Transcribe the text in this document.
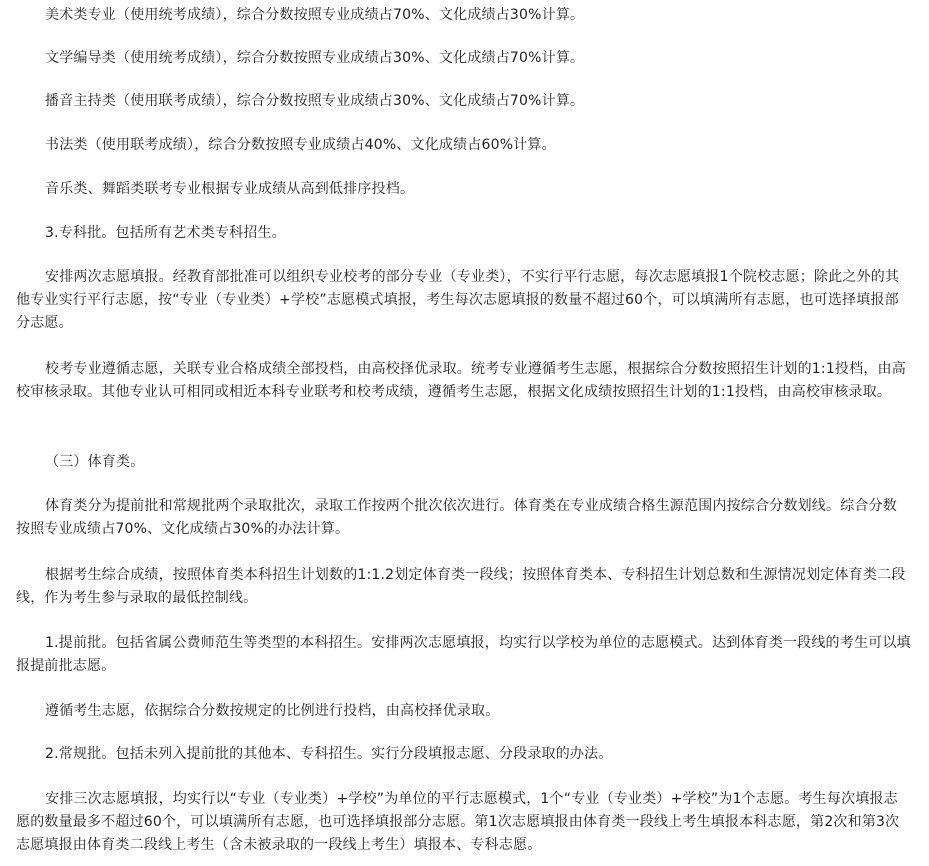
美术类专业（使用统考成绩），综合分数按照专业成绩占70%、文化成绩占30%计算。

文学编导类（使用统考成绩），综合分数按照专业成绩占30%、文化成绩占70%计算。

播音主持类（使用联考成绩），综合分数按照专业成绩占30%、文化成绩占70%计算。

书法类（使用联考成绩），综合分数按照专业成绩占40%、文化成绩占60%计算。

音乐类、舞蹈类联考专业根据专业成绩从高到低排序投档。

3.专科批。包括所有艺术类专科招生。

安排两次志愿填报。经教育部批准可以组织专业校考的部分专业（专业类），不实行平行志愿，每次志愿填报1个院校志愿；除此之外的其他专业实行平行志愿，按“专业（专业类）+学校”志愿模式填报，考生每次志愿填报的数量不超过60个，可以填满所有志愿，也可选择填报部分志愿。

校考专业遵循志愿，关联专业合格成绩全部投档，由高校择优录取。统考专业遵循考生志愿，根据综合分数按照招生计划的1:1投档，由高校审核录取。其他专业认可相同或相近本科专业联考和校考成绩，遵循考生志愿，根据文化成绩按照招生计划的1:1投档，由高校审核录取。

（三）体育类。

体育类分为提前批和常规批两个录取批次，录取工作按两个批次依次进行。体育类在专业成绩合格生源范围内按综合分数划线。综合分数按照专业成绩占70%、文化成绩占30%的办法计算。

根据考生综合成绩，按照体育类本科招生计划数的1:1.2划定体育类一段线；按照体育类本、专科招生计划总数和生源情况划定体育类二段线，作为考生参与录取的最低控制线。

1.提前批。包括省属公费师范生等类型的本科招生。安排两次志愿填报，均实行以学校为单位的志愿模式。达到体育类一段线的考生可以填报提前批志愿。

遵循考生志愿，依据综合分数按规定的比例进行投档，由高校择优录取。

2.常规批。包括未列入提前批的其他本、专科招生。实行分段填报志愿、分段录取的办法。

安排三次志愿填报，均实行以“专业（专业类）+学校”为单位的平行志愿模式，1个“专业（专业类）+学校”为1个志愿。考生每次填报志愿的数量最多不超过60个，可以填满所有志愿，也可选择填报部分志愿。第1次志愿填报由体育类一段线上考生填报本科志愿，第2次和第3次志愿填报由体育类二段线上考生（含未被录取的一段线上考生）填报本、专科志愿。
